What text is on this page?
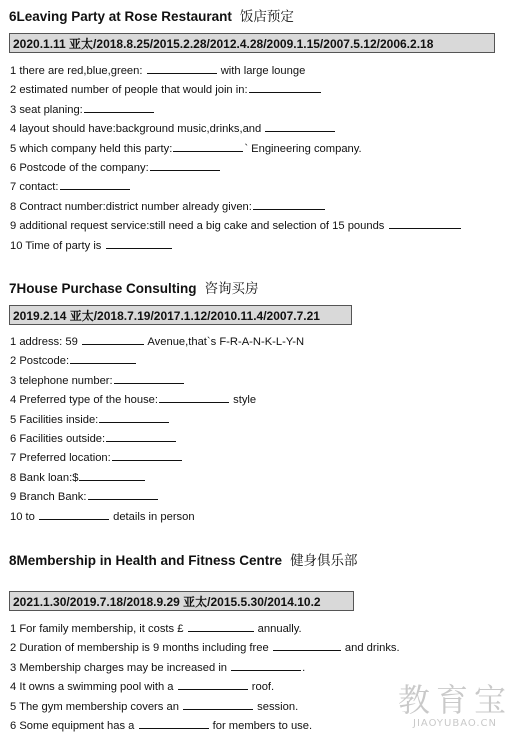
6Leaving Party at Rose Restaurant 饭店预定
2020.1.11 亚太/2018.8.25/2015.2.28/2012.4.28/2009.1.15/2007.5.12/2006.2.18
1 there are red,blue,green:	with large lounge
2 estimated number of people that would join in:
3 seat planing:
4 layout should have:background music,drinks,and
5 which company held this party:	` Engineering company.
6 Postcode of the company:
7 contact:
8 Contract number:district number already given:
9 additional request service:still need a big cake and selection of 15 pounds
10 Time of party is
7House Purchase Consulting 咨询买房
2019.2.14 亚太/2018.7.19/2017.1.12/2010.11.4/2007.7.21
1 address: 59	Avenue,that`s F-R-A-N-K-L-Y-N
2 Postcode:
3 telephone number:
4 Preferred type of the house:	style
5 Facilities inside:
6 Facilities outside:
7 Preferred location:
8 Bank loan:$
9 Branch Bank:
10 to	details in person
8Membership in Health and Fitness Centre 健身俱乐部
2021.1.30/2019.7.18/2018.9.29 亚太/2015.5.30/2014.10.2
1 For family membership, it costs £	annually.
2 Duration of membership is 9 months including free	and drinks.
3 Membership charges may be increased in	.
4 It owns a swimming pool with a	roof.
5 The gym membership covers an	session.
6 Some equipment has a	for members to use.
教育宝
JIAOYUBAO.CN
